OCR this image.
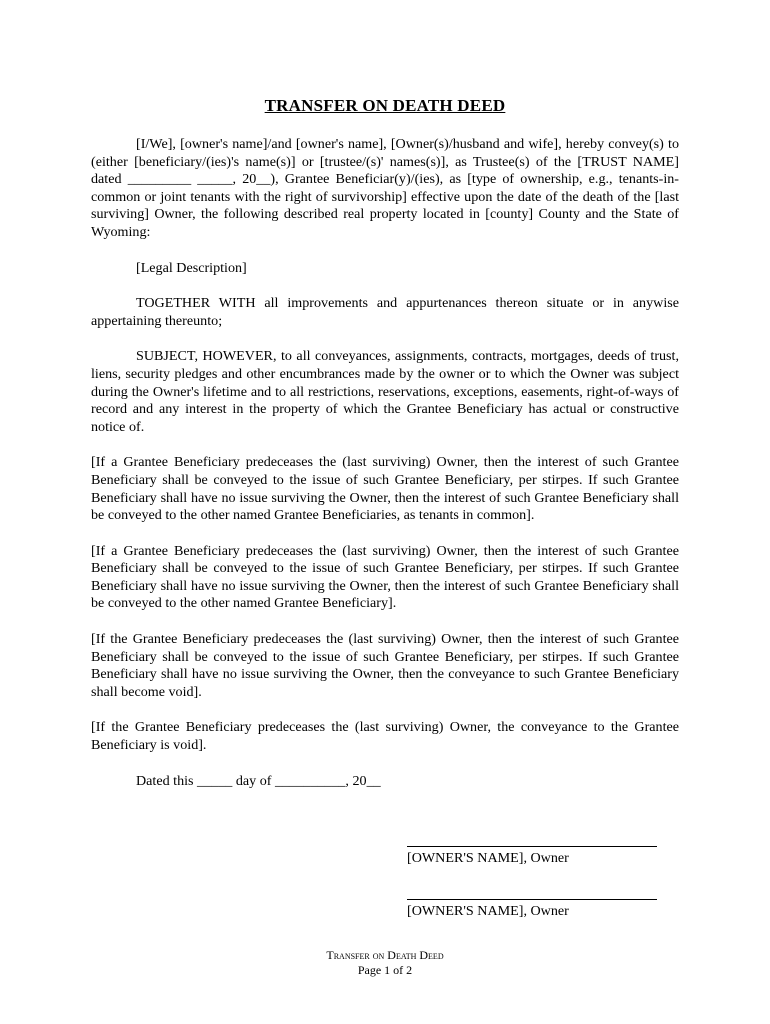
TRANSFER ON DEATH DEED

[I/We], [owner's name]/and [owner's name], [Owner(s)/husband and wife], hereby convey(s) to (either [beneficiary/(ies)'s name(s)] or [trustee/(s)' names(s)], as Trustee(s) of the [TRUST NAME] dated _________ _____, 20__), Grantee Beneficiar(y)/(ies), as [type of ownership, e.g., tenants-in-common or joint tenants with the right of survivorship] effective upon the date of the death of the [last surviving] Owner, the following described real property located in [county] County and the State of Wyoming:

[Legal Description]

TOGETHER WITH all improvements and appurtenances thereon situate or in anywise appertaining thereunto;

SUBJECT, HOWEVER, to all conveyances, assignments, contracts, mortgages, deeds of trust, liens, security pledges and other encumbrances made by the owner or to which the Owner was subject during the Owner's lifetime and to all restrictions, reservations, exceptions, easements, right-of-ways of record and any interest in the property of which the Grantee Beneficiary has actual or constructive notice of.

[If a Grantee Beneficiary predeceases the (last surviving) Owner, then the interest of such Grantee Beneficiary shall be conveyed to the issue of such Grantee Beneficiary, per stirpes. If such Grantee Beneficiary shall have no issue surviving the Owner, then the interest of such Grantee Beneficiary shall be conveyed to the other named Grantee Beneficiaries, as tenants in common].

[If a Grantee Beneficiary predeceases the (last surviving) Owner, then the interest of such Grantee Beneficiary shall be conveyed to the issue of such Grantee Beneficiary, per stirpes. If such Grantee Beneficiary shall have no issue surviving the Owner, then the interest of such Grantee Beneficiary shall be conveyed to the other named Grantee Beneficiary].

[If the Grantee Beneficiary predeceases the (last surviving) Owner, then the interest of such Grantee Beneficiary shall be conveyed to the issue of such Grantee Beneficiary, per stirpes. If such Grantee Beneficiary shall have no issue surviving the Owner, then the conveyance to such Grantee Beneficiary shall become void].

[If the Grantee Beneficiary predeceases the (last surviving) Owner, the conveyance to the Grantee Beneficiary is void].

Dated this _____ day of __________, 20__

[OWNER'S NAME], Owner
[OWNER'S NAME], Owner
Transfer on Death Deed
Page 1 of 2
